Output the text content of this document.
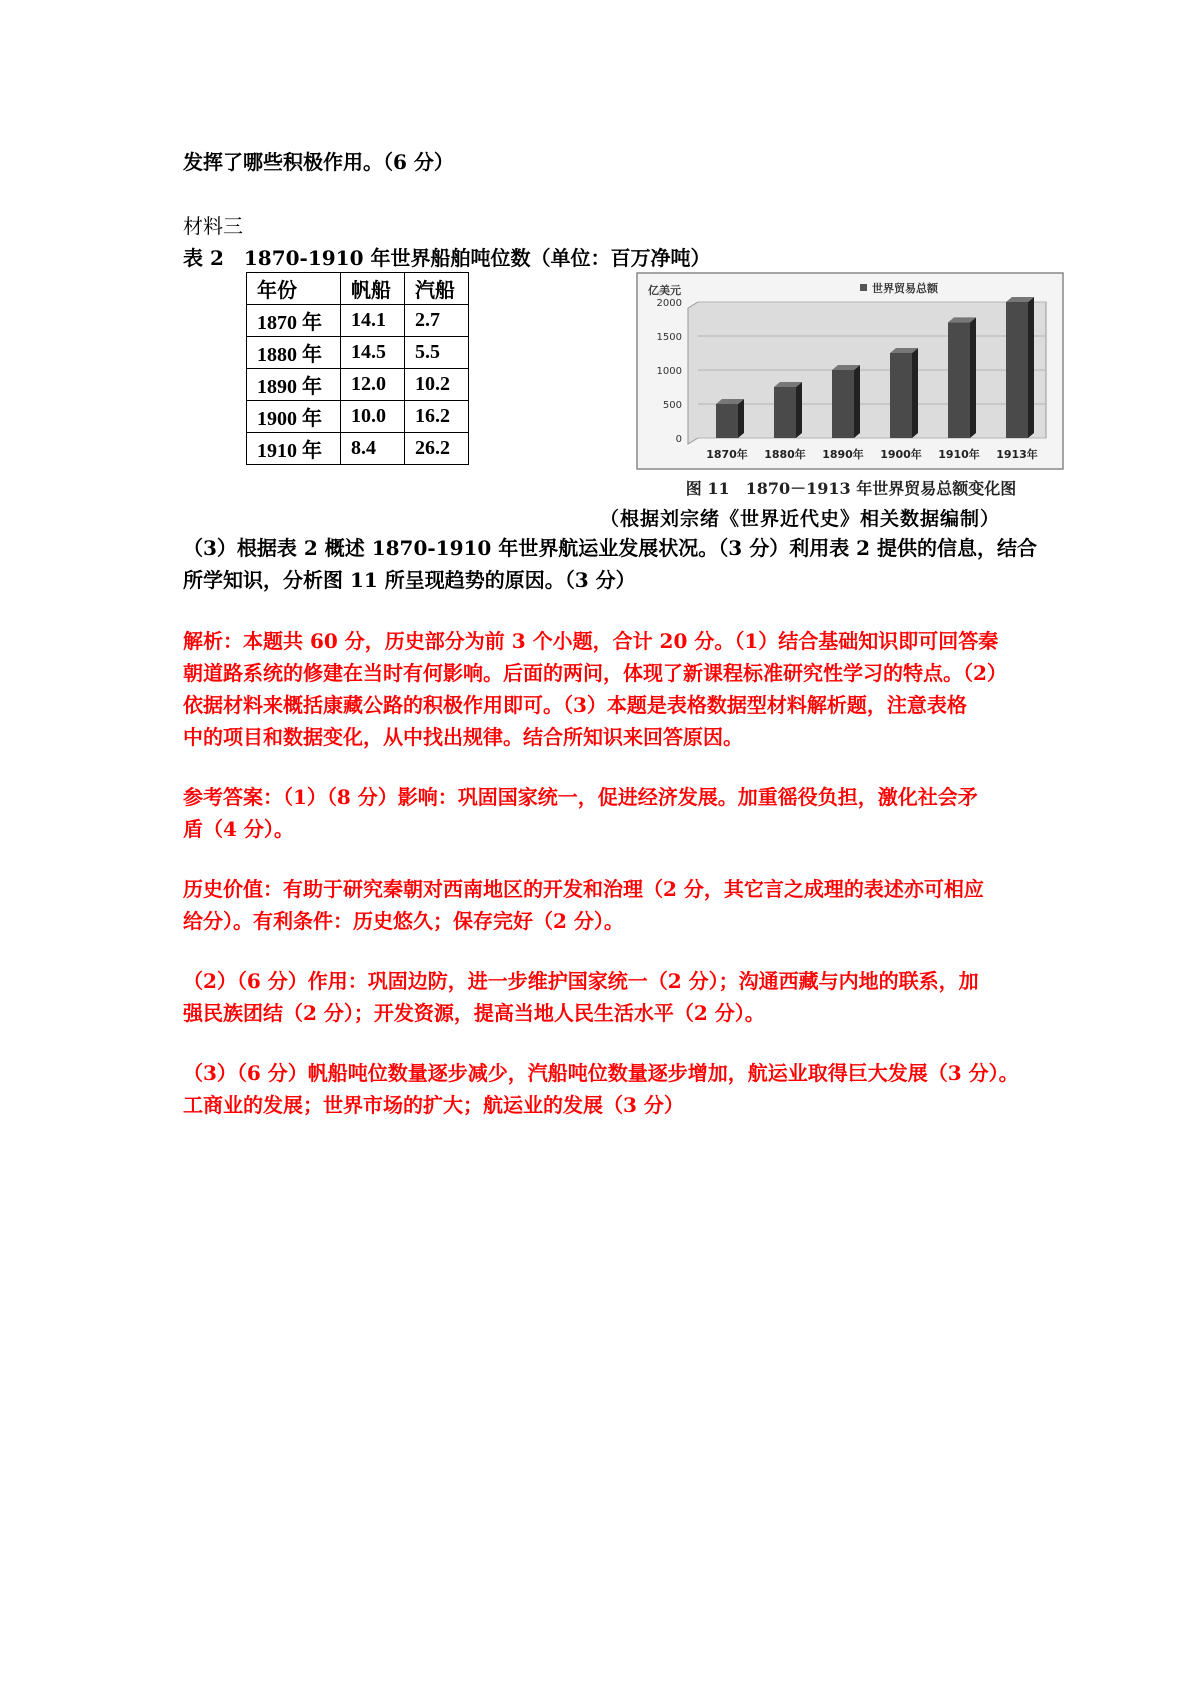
发挥了哪些积极作用。（6 分）
材料三
表 2　1870-1910 年世界船舶吨位数（单位：百万净吨）
年份	帆船	汽船
1870 年	14.1	2.7
1880 年	14.5	5.5
1890 年	12.0	10.2
1900 年	10.0	16.2
1910 年	8.4	26.2
亿美元	世界贸易总额
0
500
1000
1500
2000
1870年 1880年 1890年 1900年 1910年 1913年
图 11　1870－1913 年世界贸易总额变化图
（根据刘宗绪《世界近代史》相关数据编制）
（3）根据表 2 概述 1870-1910 年世界航运业发展状况。（3 分）利用表 2 提供的信息，结合
所学知识，分析图 11 所呈现趋势的原因。（3 分）
解析：本题共 60 分，历史部分为前 3 个小题，合计 20 分。（1）结合基础知识即可回答秦
朝道路系统的修建在当时有何影响。后面的两问，体现了新课程标准研究性学习的特点。（2）
依据材料来概括康藏公路的积极作用即可。（3）本题是表格数据型材料解析题，注意表格
中的项目和数据变化，从中找出规律。结合所知识来回答原因。
参考答案：（1）（8 分）影响：巩固国家统一，促进经济发展。加重徭役负担，激化社会矛
盾（4 分）。
历史价值：有助于研究秦朝对西南地区的开发和治理（2 分，其它言之成理的表述亦可相应
给分）。有利条件：历史悠久；保存完好（2 分）。
（2）（6 分）作用：巩固边防，进一步维护国家统一（2 分）；沟通西藏与内地的联系，加
强民族团结（2 分）；开发资源，提高当地人民生活水平（2 分）。
（3）（6 分）帆船吨位数量逐步减少，汽船吨位数量逐步增加，航运业取得巨大发展（3 分）。
工商业的发展；世界市场的扩大；航运业的发展（3 分）
